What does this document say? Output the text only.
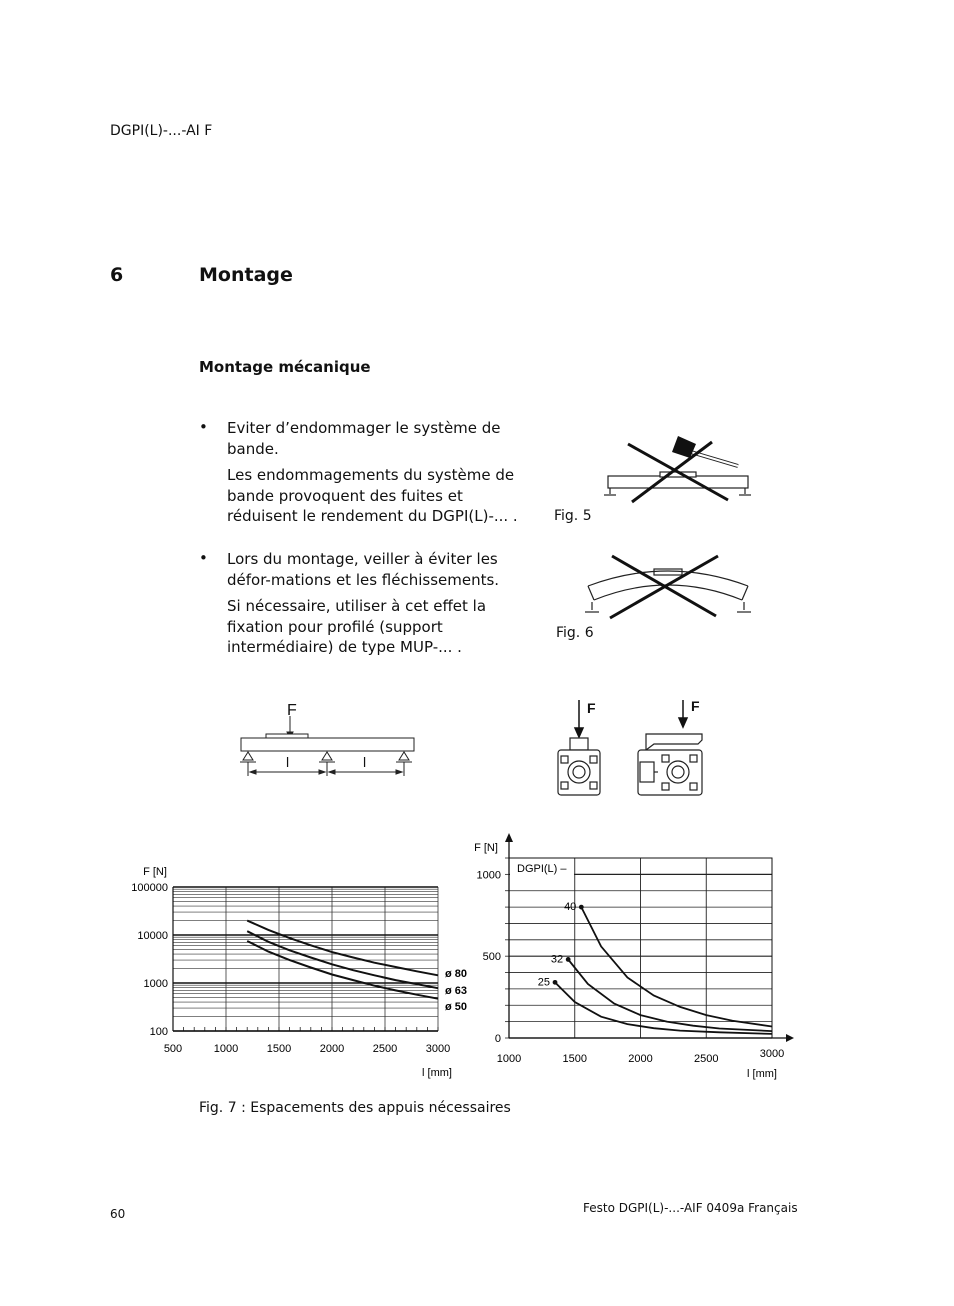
DGPI(L)-...-AI F
6	Montage
Montage mécanique
• Eviter d’endommager le système de bande.
Les endommagements du système de bande provoquent des fuites et réduisent le rendement du DGPI(L)-... .
• Lors du montage, veiller à éviter les défor-mations et les fléchissements.
Si nécessaire, utiliser à cet effet la fixation pour profilé (support intermédiaire) de type MUP-... .
Fig. 5
Fig. 6
F
l	l
F	F
100
1000
10000
100000
500	1000	1500	2000	2500	3000
F [N]
l [mm]
ø 80
ø 63
ø 50
DGPI(L) –
0
500
1000
1000	1500	2000	2500	3000
F [N]
l [mm]
40
32
25
Fig. 7 : Espacements des appuis nécessaires
60	Festo DGPI(L)-...-AIF 0409a Français
